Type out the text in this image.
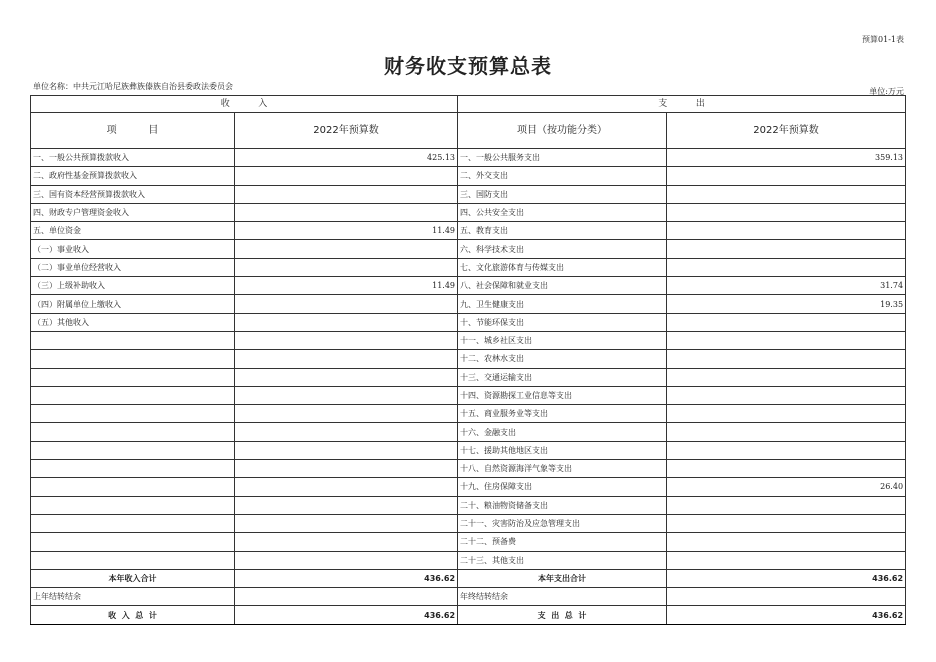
预算01-1表
财务收支预算总表
单位名称：中共元江哈尼族彝族傣族自治县委政法委员会
单位:万元
收          入		支          出	
项          目	2022年预算数	项目（按功能分类）	2022年预算数
一、一般公共预算拨款收入	425.13	一、一般公共服务支出	359.13
二、政府性基金预算拨款收入		二、外交支出	
三、国有资本经营预算拨款收入		三、国防支出	
四、财政专户管理资金收入		四、公共安全支出	
五、单位资金	11.49	五、教育支出	
（一）事业收入		六、科学技术支出	
（二）事业单位经营收入		七、文化旅游体育与传媒支出	
（三）上级补助收入	11.49	八、社会保障和就业支出	31.74
（四）附属单位上缴收入		九、卫生健康支出	19.35
（五）其他收入		十、节能环保支出	
		十一、城乡社区支出	
		十二、农林水支出	
		十三、交通运输支出	
		十四、资源勘探工业信息等支出	
		十五、商业服务业等支出	
		十六、金融支出	
		十七、援助其他地区支出	
		十八、自然资源海洋气象等支出	
		十九、住房保障支出	26.40
		二十、粮油物资储备支出	
		二十一、灾害防治及应急管理支出	
		二十二、预备费	
		二十三、其他支出	
本年收入合计	436.62	本年支出合计	436.62
上年结转结余		年终结转结余	
收  入  总  计	436.62	支  出  总  计	436.62
